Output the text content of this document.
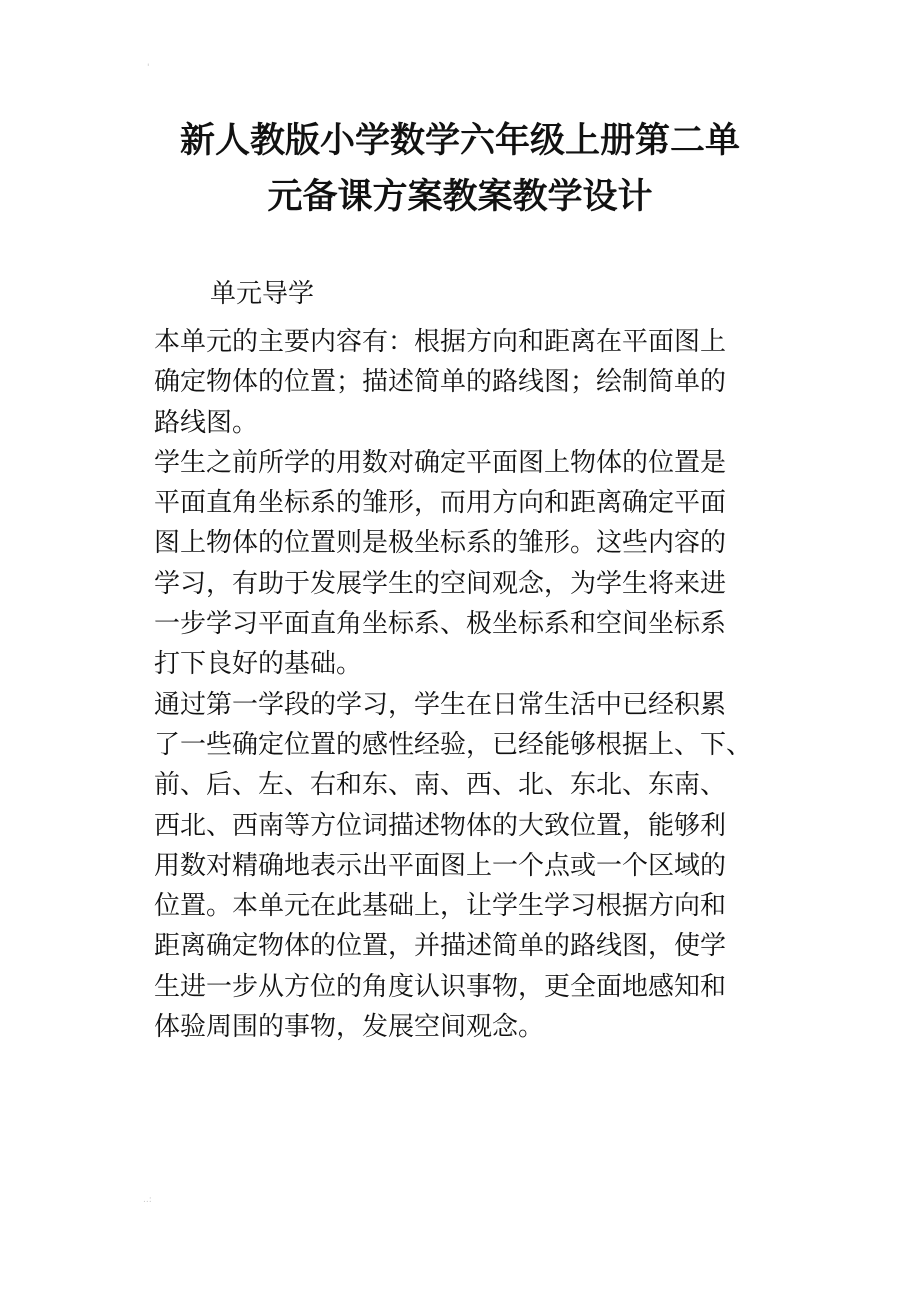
'
新人教版小学数学六年级上册第二单
元备课方案教案教学设计
单元导学
本单元的主要内容有：根据方向和距离在平面图上
确定物体的位置；描述简单的路线图；绘制简单的
路线图。
学生之前所学的用数对确定平面图上物体的位置是
平面直角坐标系的雏形，而用方向和距离确定平面
图上物体的位置则是极坐标系的雏形。这些内容的
学习，有助于发展学生的空间观念，为学生将来进
一步学习平面直角坐标系、极坐标系和空间坐标系
打下良好的基础。
通过第一学段的学习，学生在日常生活中已经积累
了一些确定位置的感性经验，已经能够根据上、下、
前、后、左、右和东、南、西、北、东北、东南、
西北、西南等方位词描述物体的大致位置，能够利
用数对精确地表示出平面图上一个点或一个区域的
位置。本单元在此基础上，让学生学习根据方向和
距离确定物体的位置，并描述简单的路线图，使学
生进一步从方位的角度认识事物，更全面地感知和
体验周围的事物，发展空间观念。
..:
